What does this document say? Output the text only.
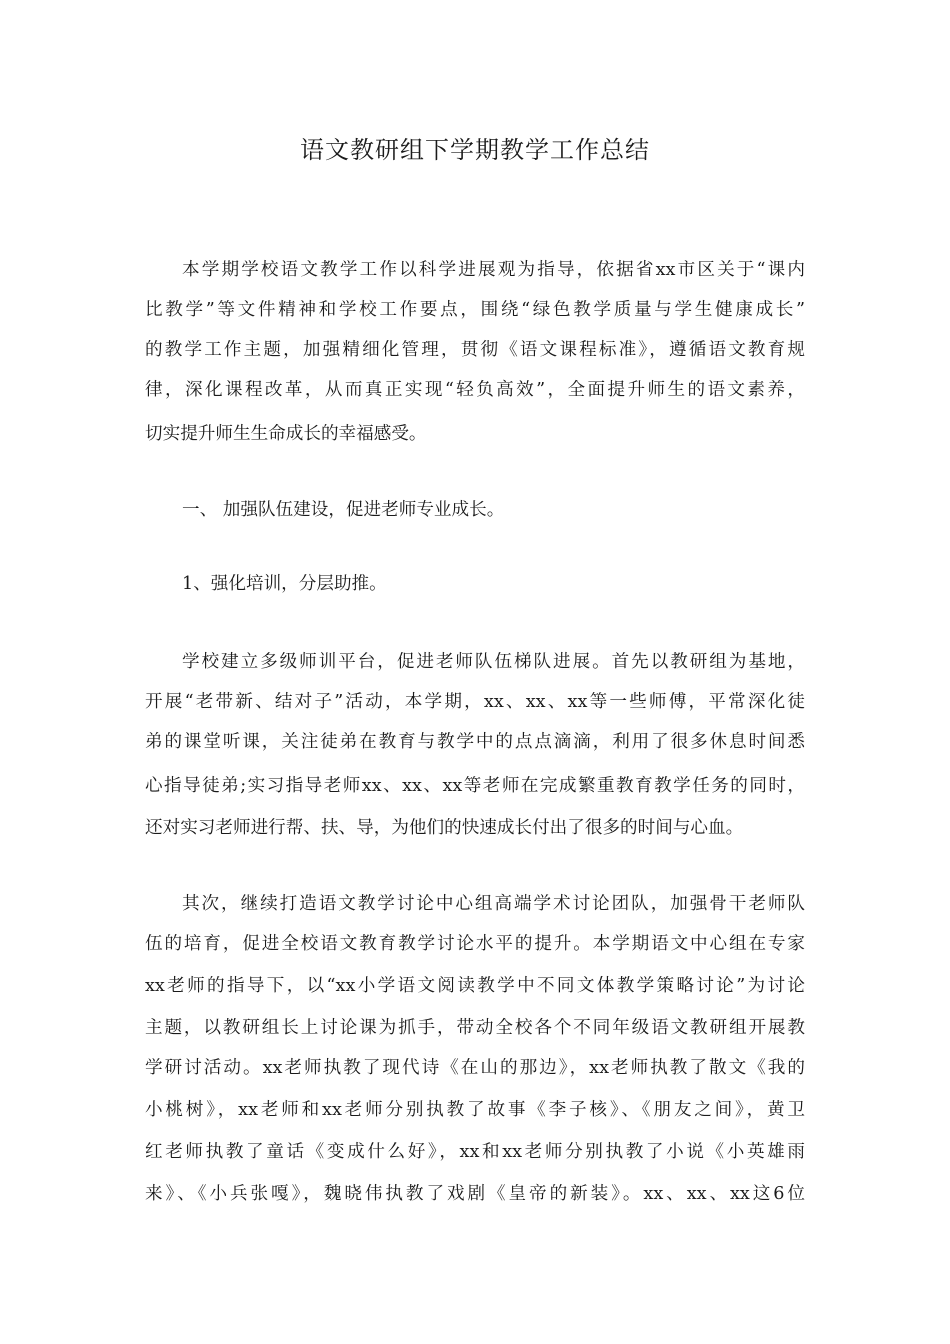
语文教研组下学期教学工作总结
本学期学校语文教学工作以科学进展观为指导，依据省xx市区关于“课内
比教学”等文件精神和学校工作要点，围绕“绿色教学质量与学生健康成长”
的教学工作主题，加强精细化管理，贯彻《语文课程标准》，遵循语文教育规
律，深化课程改革，从而真正实现“轻负高效”，全面提升师生的语文素养，
切实提升师生生命成长的幸福感受。
一、 加强队伍建设，促进老师专业成长。
1、强化培训，分层助推。
学校建立多级师训平台，促进老师队伍梯队进展。首先以教研组为基地，
开展“老带新、结对子”活动，本学期，xx、xx、xx等一些师傅，平常深化徒
弟的课堂听课，关注徒弟在教育与教学中的点点滴滴，利用了很多休息时间悉
心指导徒弟;实习指导老师xx、xx、xx等老师在完成繁重教育教学任务的同时，
还对实习老师进行帮、扶、导，为他们的快速成长付出了很多的时间与心血。
其次，继续打造语文教学讨论中心组高端学术讨论团队，加强骨干老师队
伍的培育，促进全校语文教育教学讨论水平的提升。本学期语文中心组在专家
xx老师的指导下，以“xx小学语文阅读教学中不同文体教学策略讨论”为讨论
主题，以教研组长上讨论课为抓手，带动全校各个不同年级语文教研组开展教
学研讨活动。xx老师执教了现代诗《在山的那边》，xx老师执教了散文《我的
小桃树》，xx老师和xx老师分别执教了故事《李子核》、《朋友之间》，黄卫
红老师执教了童话《变成什么好》，xx和xx老师分别执教了小说《小英雄雨
来》、《小兵张嘎》，魏晓伟执教了戏剧《皇帝的新装》。xx、xx、xx这6位
